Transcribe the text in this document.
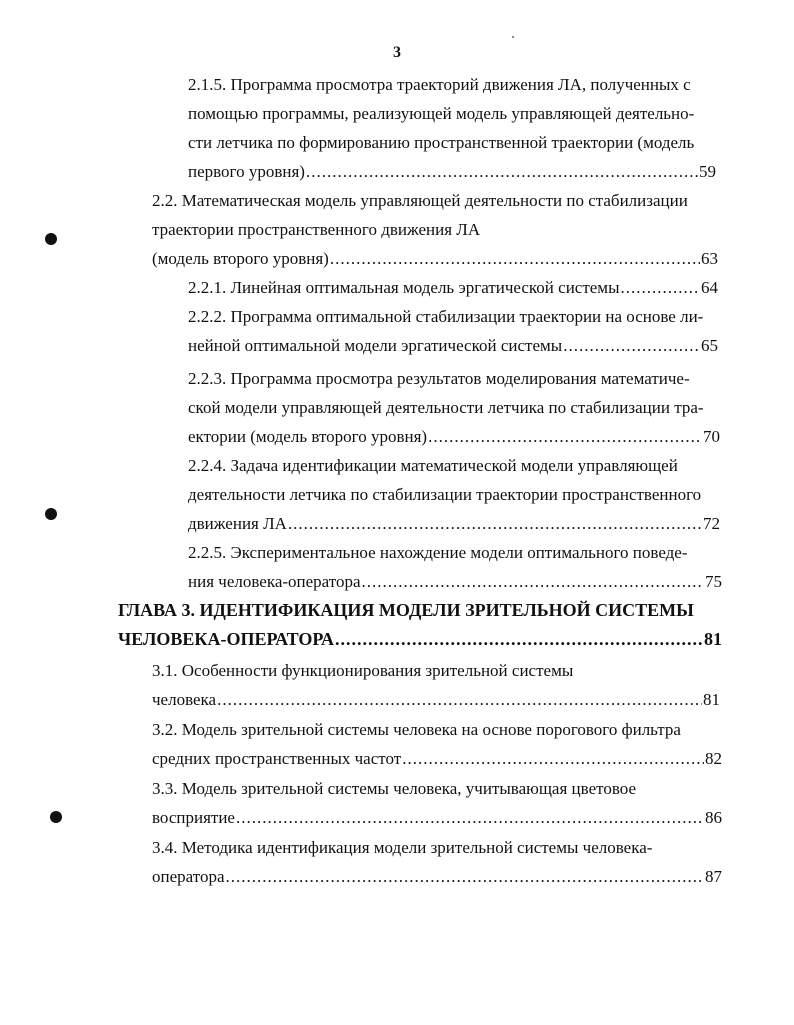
3
2.1.5. Программа просмотра траекторий движения ЛА, полученных с
помощью программы, реализующей модель управляющей деятельно-
сти летчика по формированию пространственной траектории (модель
первого уровня) .....	59
2.2. Математическая модель управляющей деятельности по стабилизации
траектории пространственного движения ЛА
(модель второго уровня) .....	63
2.2.1. Линейная оптимальная модель эргатической системы .....	64
2.2.2. Программа оптимальной стабилизации траектории на основе ли-
нейной оптимальной модели эргатической системы .....	65
2.2.3. Программа просмотра результатов моделирования математиче-
ской модели управляющей деятельности летчика по стабилизации тра-
ектории (модель второго уровня) .....	70
2.2.4. Задача идентификации математической модели управляющей
деятельности летчика по стабилизации траектории пространственного
движения ЛА .....	72
2.2.5. Экспериментальное нахождение модели оптимального поведе-
ния человека-оператора .....	75
ГЛАВА 3. ИДЕНТИФИКАЦИЯ МОДЕЛИ ЗРИТЕЛЬНОЙ СИСТЕМЫ
ЧЕЛОВЕКА-ОПЕРАТОРА .....	81
3.1. Особенности функционирования зрительной системы
человека .....	81
3.2. Модель зрительной системы человека на основе порогового фильтра
средних пространственных частот .....	82
3.3. Модель зрительной системы человека, учитывающая цветовое
восприятие .....	86
3.4. Методика идентификация модели зрительной системы человека-
оператора .....	87
